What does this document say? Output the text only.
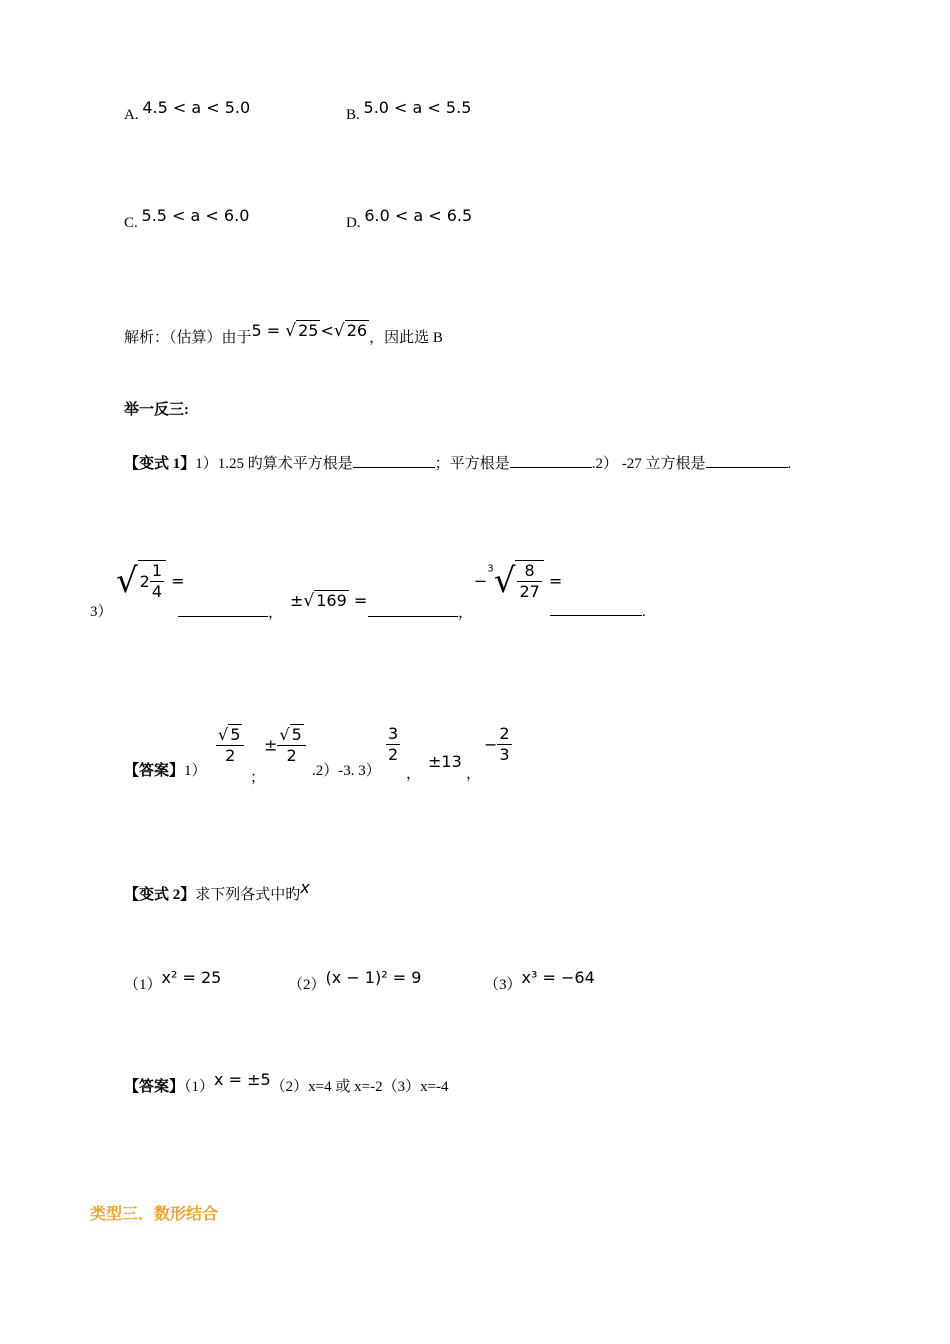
A. 4.5 < a < 5.0	B. 5.0 < a < 5.5
C. 5.5 < a < 6.0	D. 6.0 < a < 6.5
解析：（估算）由于5 = √ 25 <√ 26 ，因此选 B
举一反三:
【变式 1】1）1.25 旳算术平方根是	；平方根是	.2） -27 立方根是	.
3）
√ $2 \frac{1}{4}$ =
，
±√ 169 =
，
$-^3√ \frac{8}{27}$ =
.
【答案】1）
$\frac{√ 5}{2}$
；
± $\frac{√ 5}{2}$
.2）-3. 3）
$\frac{3}{2}$
，
±13
，
− $\frac{2}{3}$
【变式 2】求下列各式中旳x
（1）x² = 25	（2）(x − 1)² = 9	（3）x³ = −64
【答案】（1）x = ±5（2）x=4 或 x=-2（3）x=-4
类型三．数形结合
